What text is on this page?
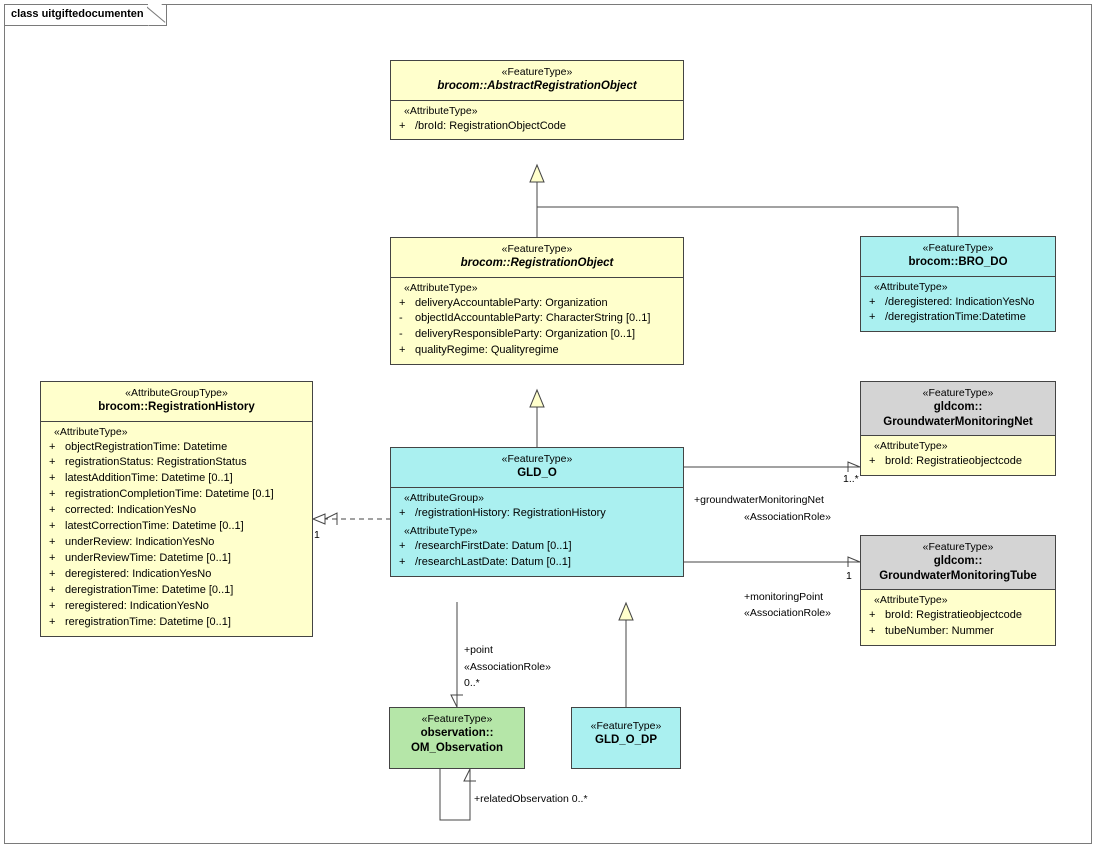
class uitgiftedocumenten
«FeatureType»
brocom::AbstractRegistrationObject
«AttributeType»
+ /broId: RegistrationObjectCode
«FeatureType»
brocom::RegistrationObject
«AttributeType»
+ deliveryAccountableParty: Organization
-	objectIdAccountableParty: CharacterString [0..1]
-	deliveryResponsibleParty: Organization [0..1]
+ qualityRegime: Qualityregime
«FeatureType»
brocom::BRO_DO
«AttributeType»
+ /deregistered: IndicationYesNo
+ /deregistrationTime:Datetime
«AttributeGroupType»
brocom::RegistrationHistory
«AttributeType»
+ objectRegistrationTime: Datetime
+ registrationStatus: RegistrationStatus
+ latestAdditionTime: Datetime [0..1]
+ registrationCompletionTime: Datetime [0.1]
+ corrected: IndicationYesNo
+ latestCorrectionTime: Datetime [0..1]
+ underReview: IndicationYesNo
+ underReviewTime: Datetime [0..1]
+ deregistered: IndicationYesNo
+ deregistrationTime: Datetime [0..1]
+ reregistered: IndicationYesNo
+ reregistrationTime: Datetime [0..1]
«FeatureType»
GLD_O
«AttributeGroup»
+ /registrationHistory: RegistrationHistory
«AttributeType»
+ /researchFirstDate: Datum [0..1]
+ /researchLastDate: Datum [0..1]
«FeatureType»
gldcom::
GroundwaterMonitoringNet
«AttributeType»
+ broId: Registratieobjectcode
«FeatureType»
gldcom::
GroundwaterMonitoringTube
«AttributeType»
+ broId: Registratieobjectcode
+ tubeNumber: Nummer
«FeatureType»
observation::
OM_Observation
«FeatureType»
GLD_O_DP
1
1..*
+groundwaterMonitoringNet
«AssociationRole»
1
+monitoringPoint
«AssociationRole»
+point
«AssociationRole»
0..*
+relatedObservation 0..*
